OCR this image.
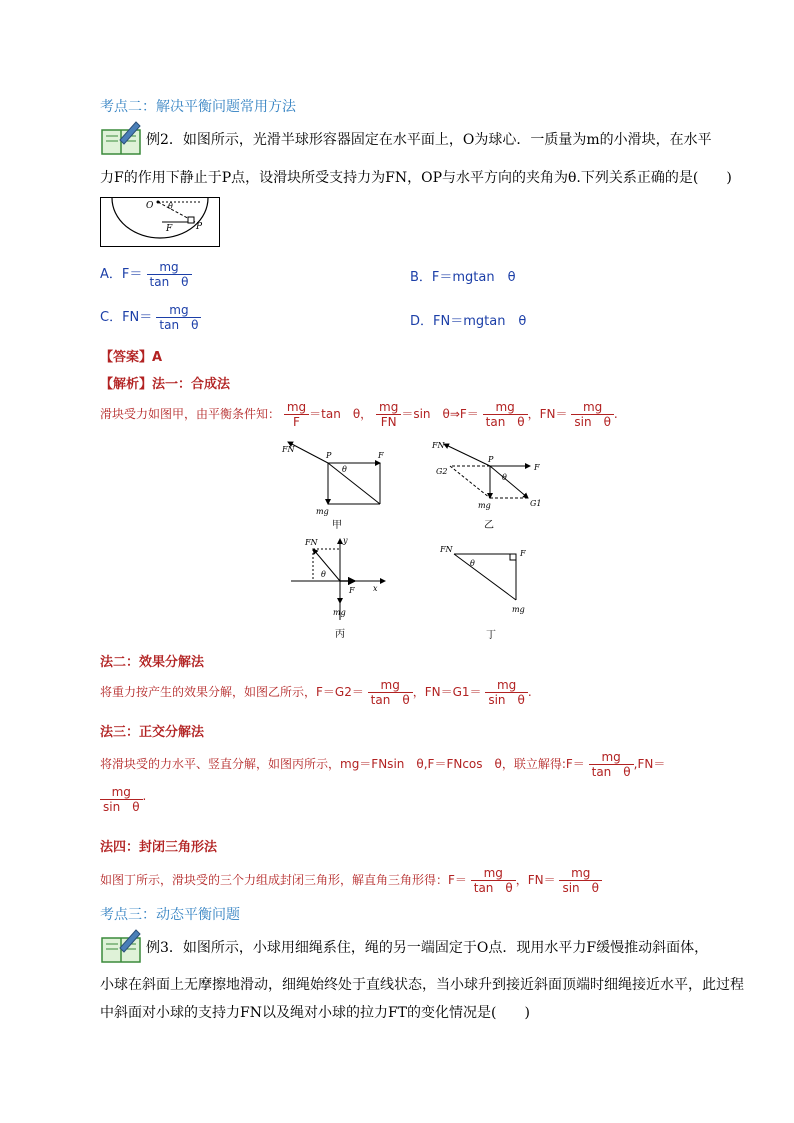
考点二：解决平衡问题常用方法
例2．如图所示，光滑半球形容器固定在水平面上，O为球心．一质量为m的小滑块，在水平
力F的作用下静止于P点，设滑块所受支持力为FN，OP与水平方向的夹角为θ.下列关系正确的是(　　)
O θ
F	P
A．$F= \frac{mg}{\text{tan　θ}}$	B．F＝mgtan　θ
C．$FN= \frac{mg}{\text{tan　θ}}$	D．FN＝mgtan　θ
【答案】A
【解析】法一：合成法
滑块受力如图甲，由平衡条件知： $\frac{mg}{F} =\tan$　θ， $\frac{mg}{FN} =\sin$　θ⇒F＝ $\frac{mg}{\text{tan　θ}}$ ，$FN= \frac{mg}{\text{sin　θ}}$ .
FN
P	F
θ
mg
甲
FN
P
F
θ
G2
G1
mg
乙
FN	y
x
θ
F
mg
丙
FN	F
θ
mg
丁
法二：效果分解法
将重力按产生的效果分解，如图乙所示，$F=G2= \frac{mg}{\text{tan　θ}}$ ，$FN=G1= \frac{mg}{\text{sin　θ}}$ .
法三：正交分解法
将滑块受的力水平、竖直分解，如图丙所示，mg＝FNsin　θ,F＝FNcos　θ，联立解得:F＝ $\frac{mg}{\text{tan　θ}} ,FN=$

$\frac{mg}{\text{sin　θ}}$ .
法四：封闭三角形法
如图丁所示，滑块受的三个力组成封闭三角形，解直角三角形得：$F= \frac{mg}{\text{tan　θ}}$ ，$FN= \frac{mg}{\text{sin　θ}}$
考点三：动态平衡问题
例3．如图所示，小球用细绳系住，绳的另一端固定于O点．现用水平力F缓慢推动斜面体，
小球在斜面上无摩擦地滑动，细绳始终处于直线状态，当小球升到接近斜面顶端时细绳接近水平，此过程
中斜面对小球的支持力FN以及绳对小球的拉力FT的变化情况是(　　)
